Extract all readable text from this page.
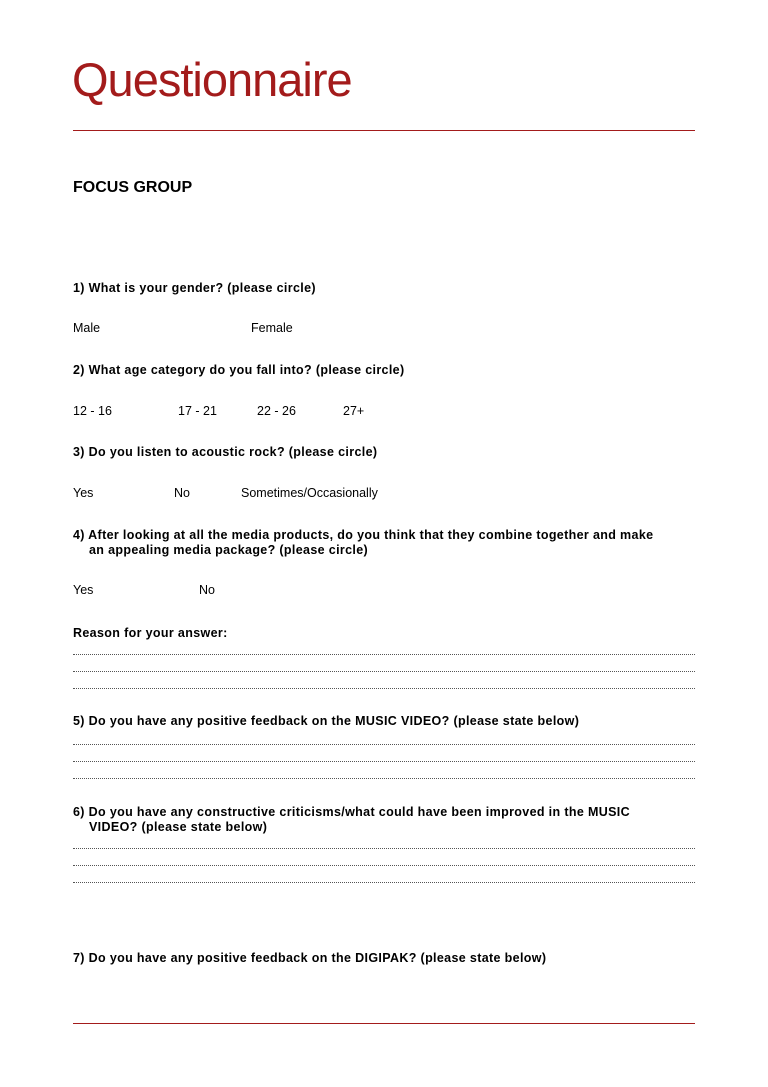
Questionnaire
FOCUS GROUP
1) What is your gender? (please circle)
Male	Female
2) What age category do you fall into? (please circle)
12 - 16	17 - 21	22 - 26	27+
3) Do you listen to acoustic rock? (please circle)
Yes	No	Sometimes/Occasionally
4) After looking at all the media products, do you think that they combine together and make
an appealing media package? (please circle)
Yes	No
Reason for your answer:
5) Do you have any positive feedback on the MUSIC VIDEO? (please state below)
6) Do you have any constructive criticisms/what could have been improved in the MUSIC
VIDEO? (please state below)
7) Do you have any positive feedback on the DIGIPAK? (please state below)
